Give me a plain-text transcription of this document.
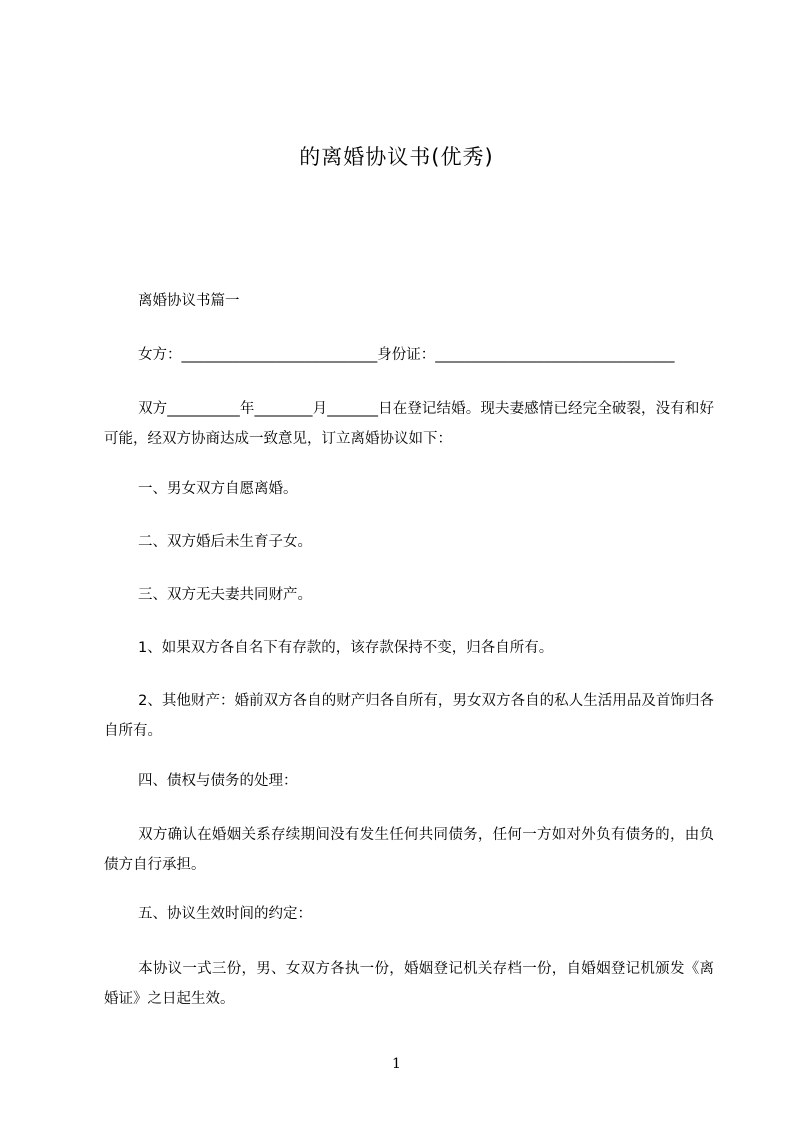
的离婚协议书(优秀)

离婚协议书篇一

女方：___________________________身份证：_________________________________

双方__________年________月_______日在登记结婚。现夫妻感情已经完全破裂，没有和好可能，经双方协商达成一致意见，订立离婚协议如下：

一、男女双方自愿离婚。

二、双方婚后未生育子女。

三、双方无夫妻共同财产。

1、如果双方各自名下有存款的，该存款保持不变，归各自所有。

2、其他财产：婚前双方各自的财产归各自所有，男女双方各自的私人生活用品及首饰归各自所有。

四、债权与债务的处理：

双方确认在婚姻关系存续期间没有发生任何共同债务，任何一方如对外负有债务的，由负债方自行承担。

五、协议生效时间的约定：

本协议一式三份，男、女双方各执一份，婚姻登记机关存档一份，自婚姻登记机颁发《离婚证》之日起生效。

1
